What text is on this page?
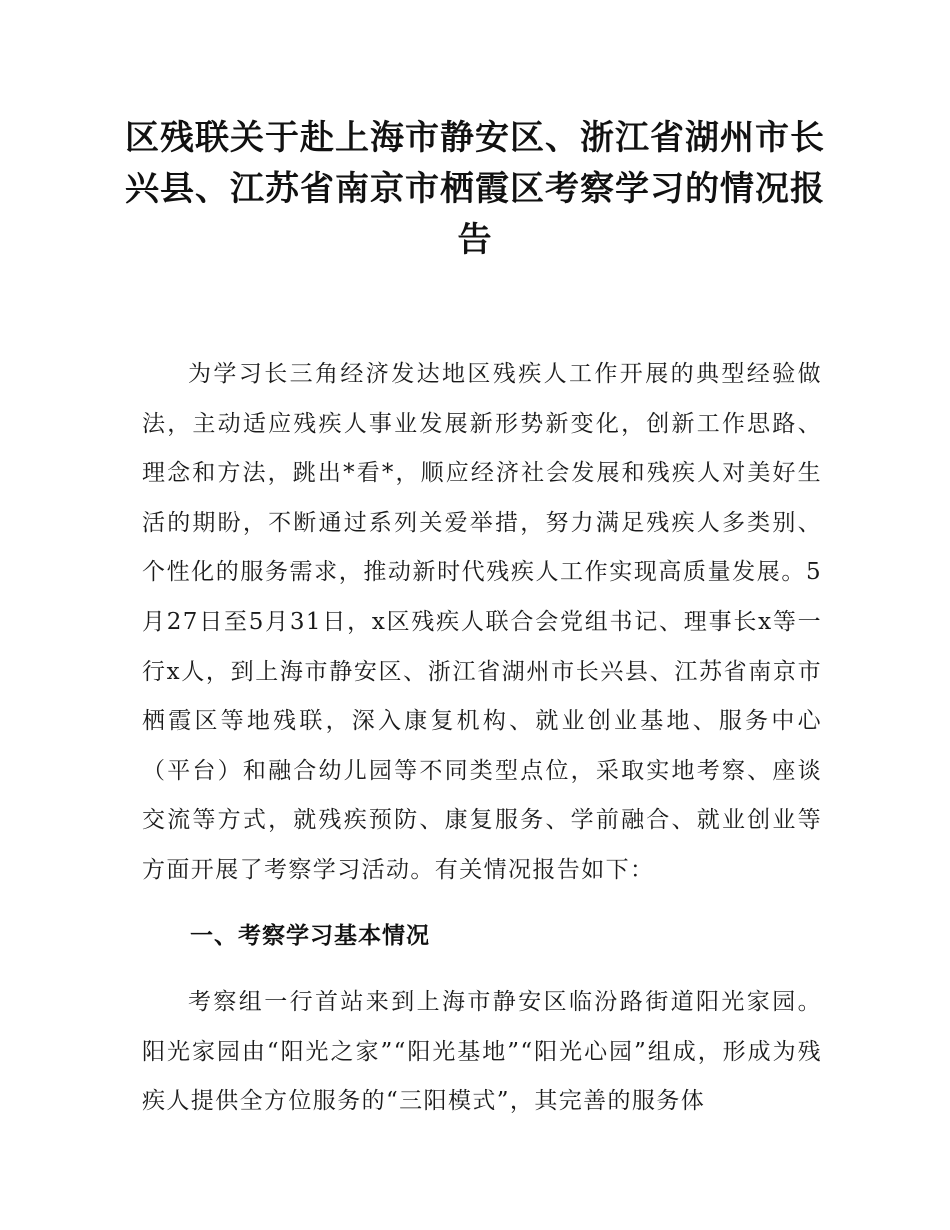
区残联关于赴上海市静安区、浙江省湖州市长兴县、江苏省南京市栖霞区考察学习的情况报告

为学习长三角经济发达地区残疾人工作开展的典型经验做法，主动适应残疾人事业发展新形势新变化，创新工作思路、理念和方法，跳出*看*，顺应经济社会发展和残疾人对美好生活的期盼，不断通过系列关爱举措，努力满足残疾人多类别、个性化的服务需求，推动新时代残疾人工作实现高质量发展。5月27日至5月31日，x区残疾人联合会党组书记、理事长x等一行x人，到上海市静安区、浙江省湖州市长兴县、江苏省南京市栖霞区等地残联，深入康复机构、就业创业基地、服务中心（平台）和融合幼儿园等不同类型点位，采取实地考察、座谈交流等方式，就残疾预防、康复服务、学前融合、就业创业等方面开展了考察学习活动。有关情况报告如下：

一、考察学习基本情况

考察组一行首站来到上海市静安区临汾路街道阳光家园。阳光家园由“阳光之家”“阳光基地”“阳光心园”组成，形成为残疾人提供全方位服务的“三阳模式”，其完善的服务体
